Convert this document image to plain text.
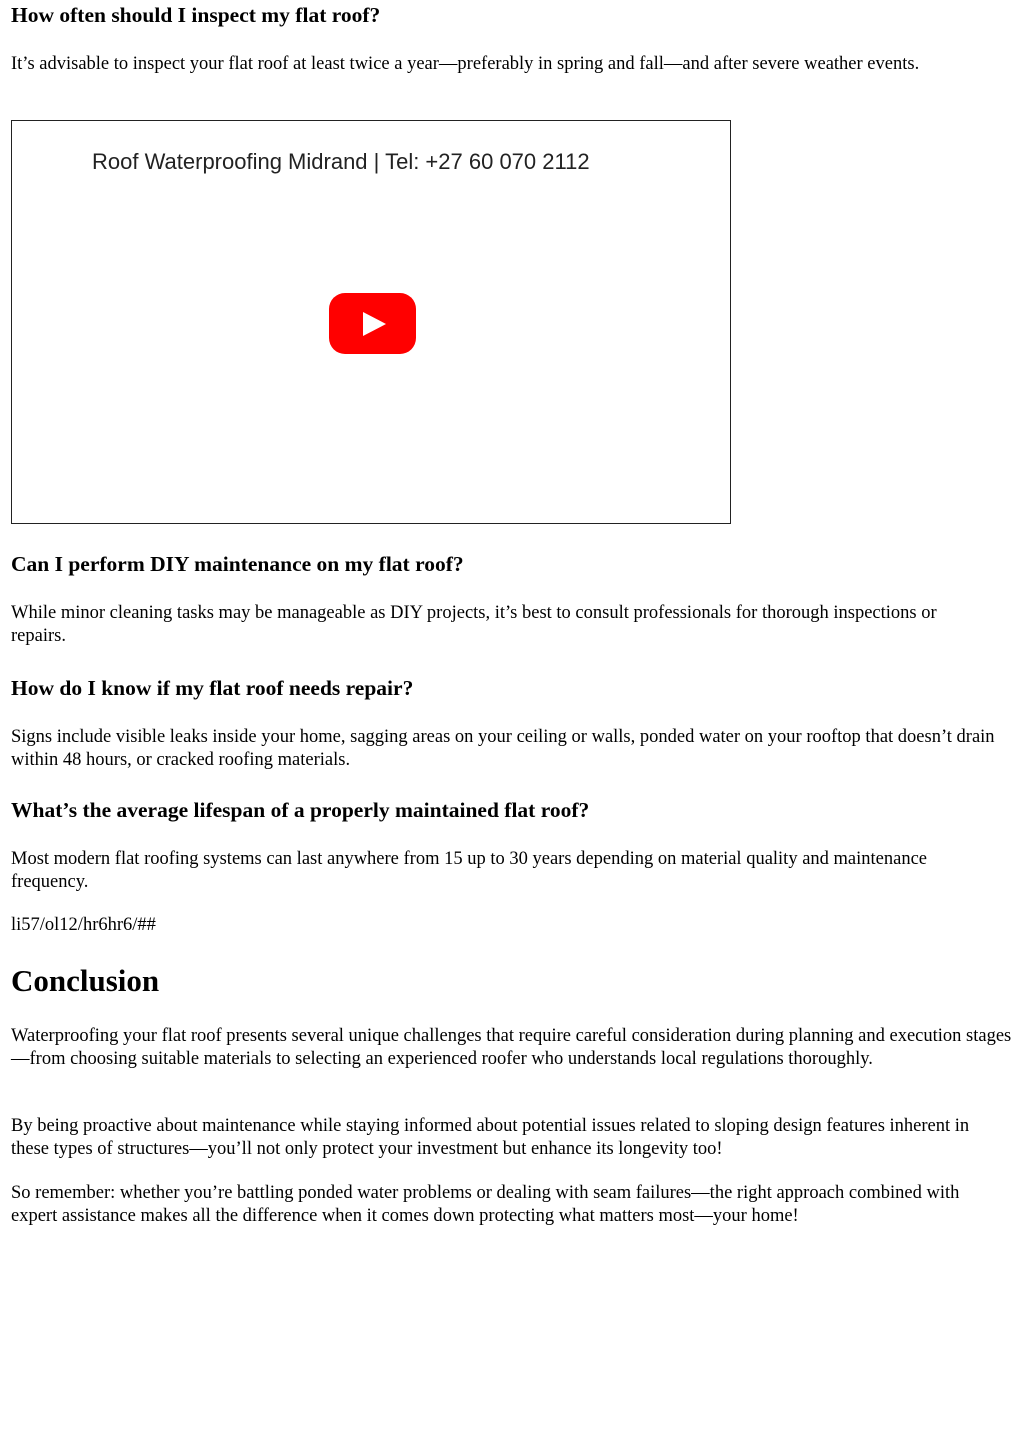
How often should I inspect my flat roof?

It’s advisable to inspect your flat roof at least twice a year—preferably in spring and fall—and after severe weather events.

Roof Waterproofing Midrand | Tel: +27 60 070 2112
Can I perform DIY maintenance on my flat roof?

While minor cleaning tasks may be manageable as DIY projects, it’s best to consult professionals for thorough inspections or repairs.

How do I know if my flat roof needs repair?

Signs include visible leaks inside your home, sagging areas on your ceiling or walls, ponded water on your rooftop that doesn’t drain within 48 hours, or cracked roofing materials.

What’s the average lifespan of a properly maintained flat roof?

Most modern flat roofing systems can last anywhere from 15 up to 30 years depending on material quality and maintenance frequency.

li57/ol12/hr6hr6/##

Conclusion

Waterproofing your flat roof presents several unique challenges that require careful consideration during planning and execution stages—from choosing suitable materials to selecting an experienced roofer who understands local regulations thoroughly.

By being proactive about maintenance while staying informed about potential issues related to sloping design features inherent in these types of structures—you’ll not only protect your investment but enhance its longevity too!

So remember: whether you’re battling ponded water problems or dealing with seam failures—the right approach combined with expert assistance makes all the difference when it comes down protecting what matters most—your home!
